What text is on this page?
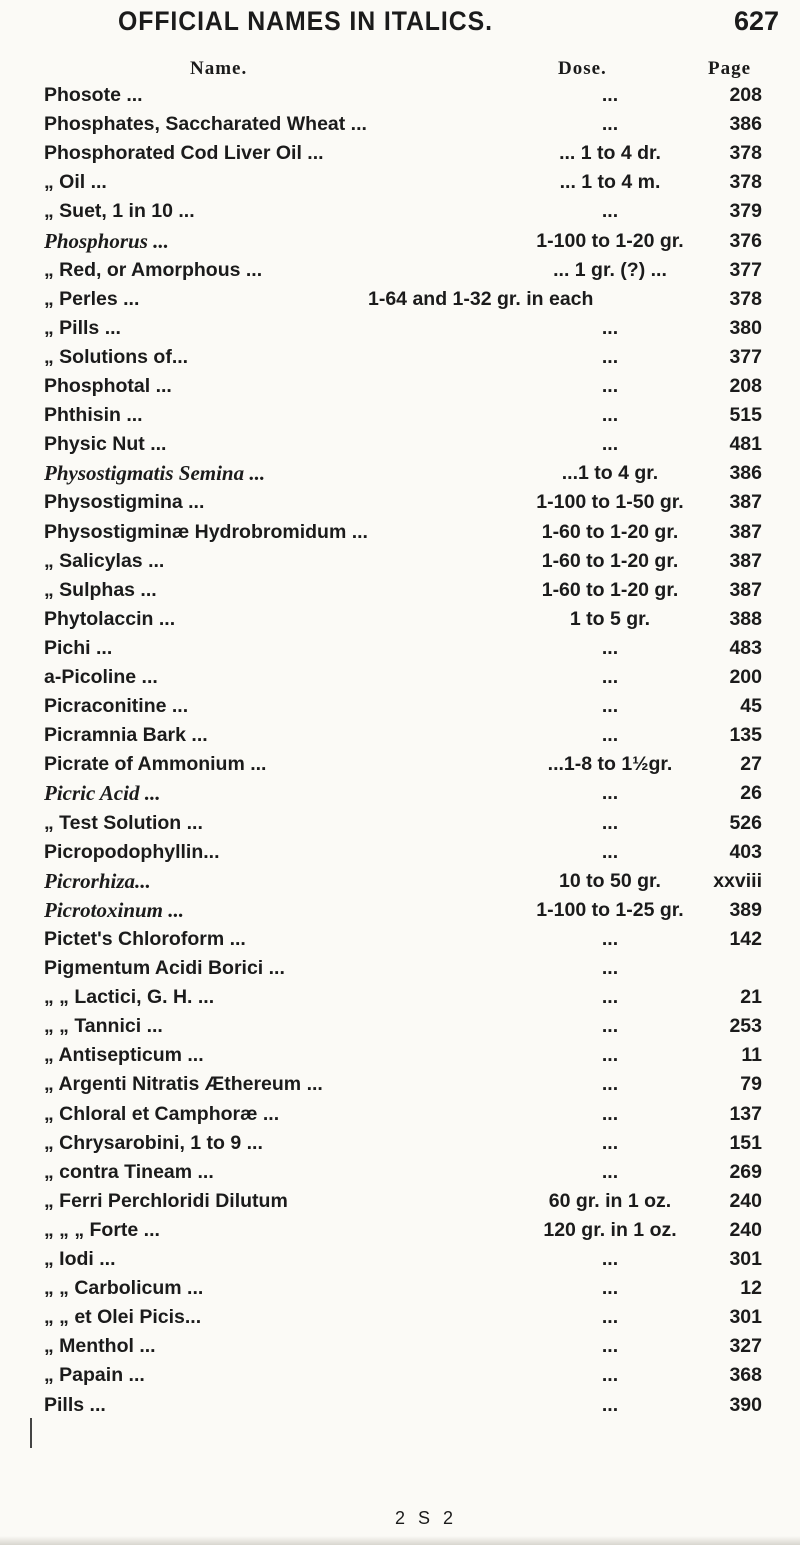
OFFICIAL NAMES IN ITALICS.	627
Name.	Dose.	Page
Phosote ...	...	208
Phosphates, Saccharated Wheat ...	...	386
Phosphorated Cod Liver Oil ...	... 1 to 4 dr.	378
„ Oil ...	... 1 to 4 m.	378
„ Suet, 1 in 10 ...	...	379
Phosphorus ...	1-100 to 1-20 gr.	376
„ Red, or Amorphous ...	... 1 gr. (?) ...	377
„ Perles ...	1-64 and 1-32 gr. in each	378
„ Pills ...	...	380
„ Solutions of...	...	377
Phosphotal ...	...	208
Phthisin ...	...	515
Physic Nut ...	...	481
Physostigmatis Semina ...	...1 to 4 gr.	386
Physostigmina ...	1-100 to 1-50 gr.	387
Physostigminæ Hydrobromidum ...	1-60 to 1-20 gr.	387
„ Salicylas ...	1-60 to 1-20 gr.	387
„ Sulphas ...	1-60 to 1-20 gr.	387
Phytolaccin ...	1 to 5 gr.	388
Pichi ...	...	483
a-Picoline ...	...	200
Picraconitine ...	...	45
Picramnia Bark ...	...	135
Picrate of Ammonium ...	...1-8 to 1½gr.	27
Picric Acid ...	...	26
„ Test Solution ...	...	526
Picropodophyllin...	...	403
Picrorhiza...	10 to 50 gr.	xxviii
Picrotoxinum ...	1-100 to 1-25 gr.	389
Pictet's Chloroform ...	...	142
Pigmentum Acidi Borici ...	...
„ „ Lactici, G. H. ...	...	21
„ „ Tannici ...	...	253
„ Antisepticum ...	...	11
„ Argenti Nitratis Æthereum ...	...	79
„ Chloral et Camphoræ ...	...	137
„ Chrysarobini, 1 to 9 ...	...	151
„ contra Tineam ...	...	269
„ Ferri Perchloridi Dilutum	60 gr. in 1 oz.	240
„ „ „ Forte ...	120 gr. in 1 oz.	240
„ Iodi ...	...	301
„ „ Carbolicum ...	...	12
„ „ et Olei Picis...	...	301
„ Menthol ...	...	327
„ Papain ...	...	368
Pills ...	...	390
2 S 2
